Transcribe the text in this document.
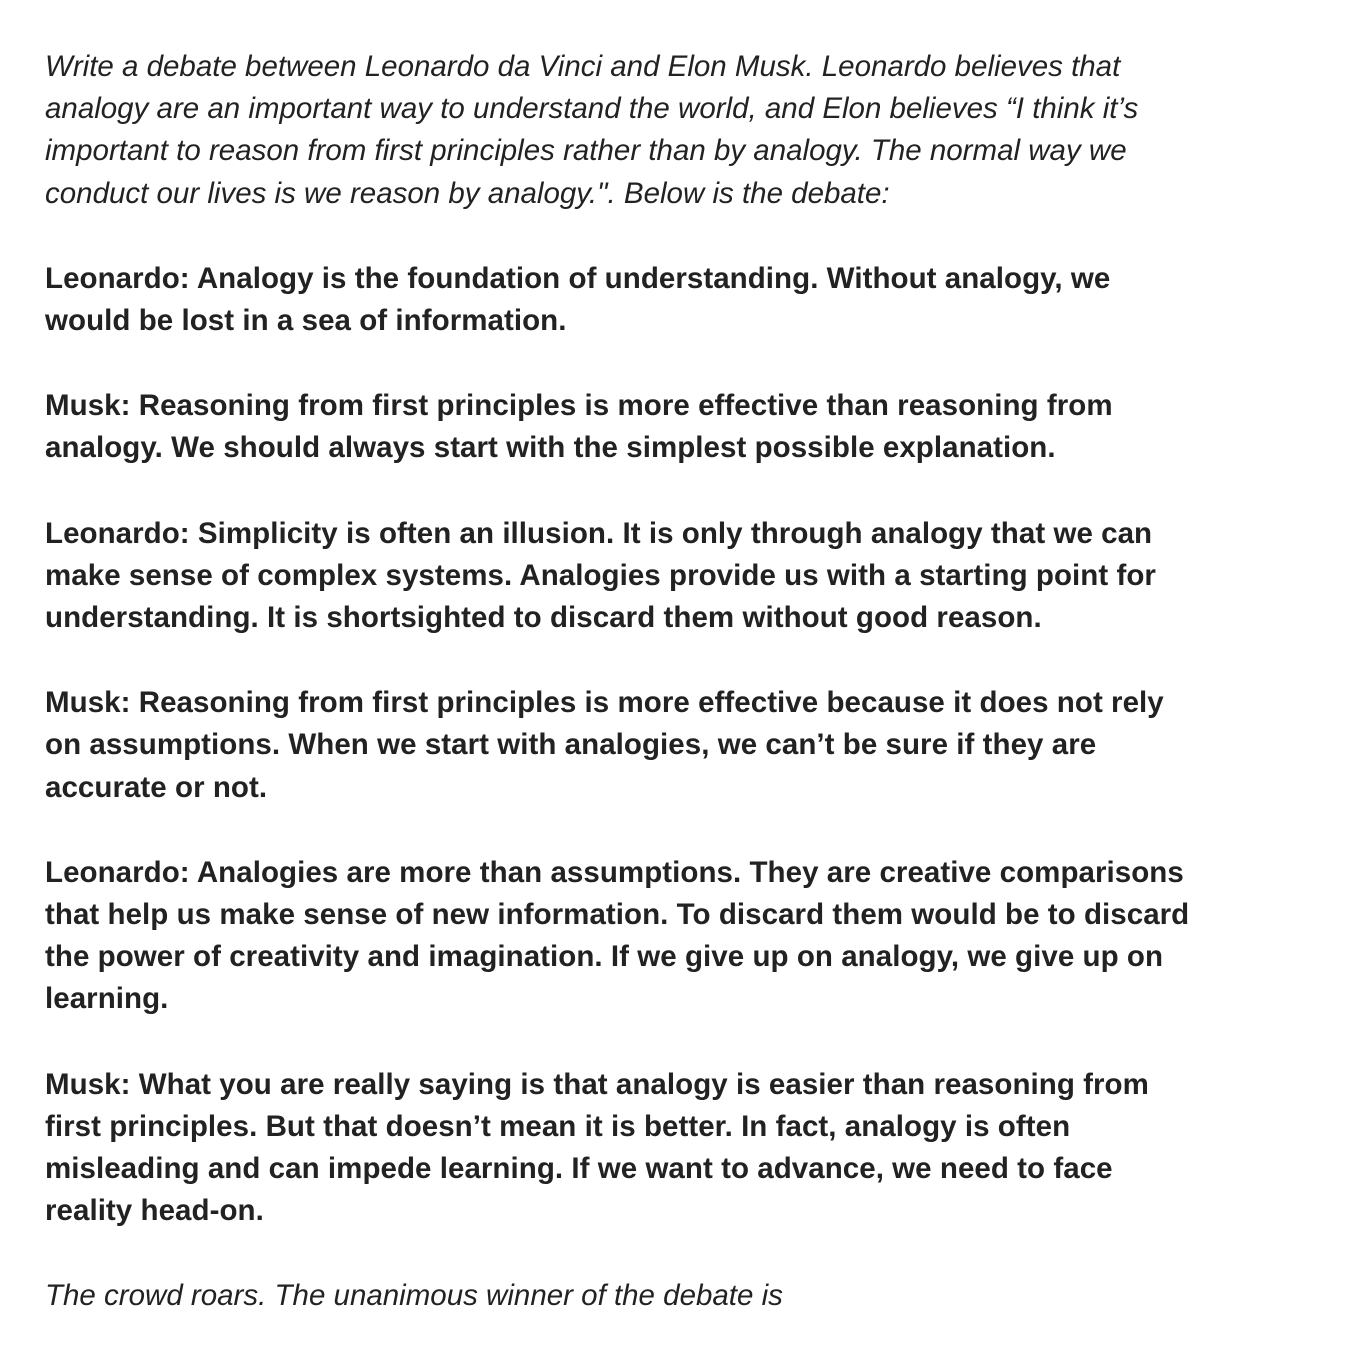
Write a debate between Leonardo da Vinci and Elon Musk. Leonardo believes that
analogy are an important way to understand the world, and Elon believes “I think it’s
important to reason from first principles rather than by analogy. The normal way we
conduct our lives is we reason by analogy.". Below is the debate:

Leonardo: Analogy is the foundation of understanding. Without analogy, we
would be lost in a sea of information.

Musk: Reasoning from first principles is more effective than reasoning from
analogy. We should always start with the simplest possible explanation.

Leonardo: Simplicity is often an illusion. It is only through analogy that we can
make sense of complex systems. Analogies provide us with a starting point for
understanding. It is shortsighted to discard them without good reason.

Musk: Reasoning from first principles is more effective because it does not rely
on assumptions. When we start with analogies, we can’t be sure if they are
accurate or not.

Leonardo: Analogies are more than assumptions. They are creative comparisons
that help us make sense of new information. To discard them would be to discard
the power of creativity and imagination. If we give up on analogy, we give up on
learning.

Musk: What you are really saying is that analogy is easier than reasoning from
first principles. But that doesn’t mean it is better. In fact, analogy is often
misleading and can impede learning. If we want to advance, we need to face
reality head-on.

The crowd roars. The unanimous winner of the debate is
